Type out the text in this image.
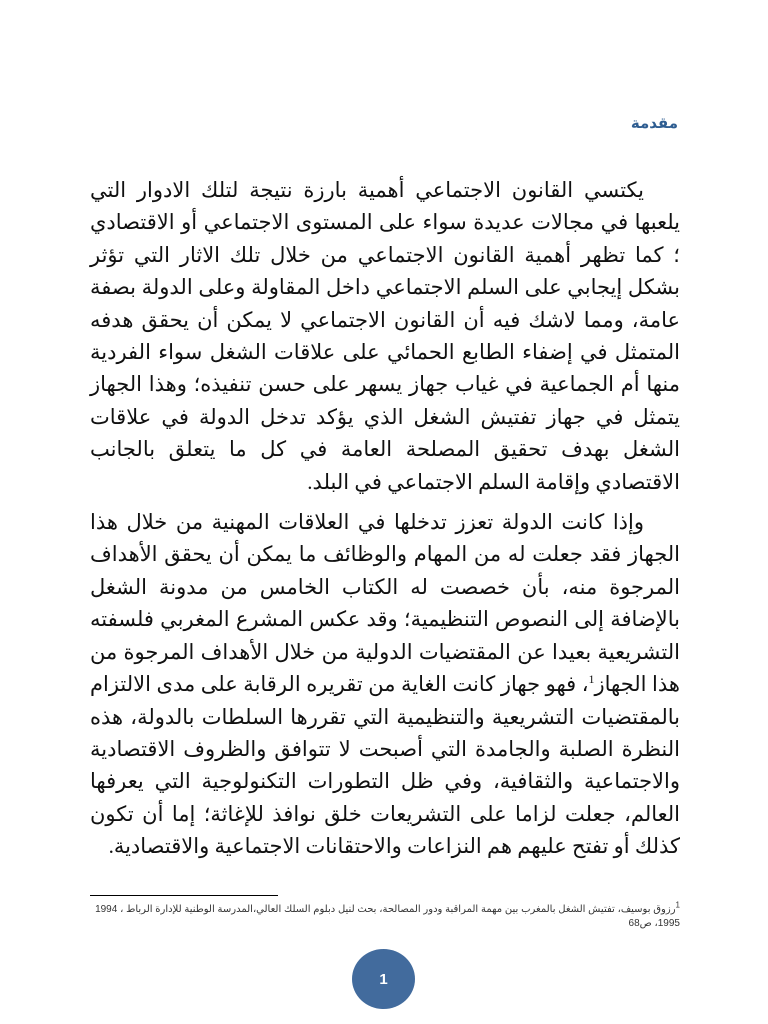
مقدمة

يكتسي القانون الاجتماعي أهمية بارزة نتيجة لتلك الادوار التي يلعبها في مجالات عديدة سواء على المستوى الاجتماعي أو الاقتصادي ؛ كما تظهر أهمية القانون الاجتماعي من خلال تلك الاثار التي تؤثر بشكل إيجابي على السلم الاجتماعي داخل المقاولة وعلى الدولة بصفة عامة، ومما لاشك فيه أن القانون الاجتماعي لا يمكن أن يحقق هدفه المتمثل في إضفاء الطابع الحمائي على علاقات الشغل سواء الفردية منها أم الجماعية في غياب جهاز يسهر على حسن تنفيذه؛ وهذا الجهاز يتمثل في جهاز تفتيش الشغل الذي يؤكد تدخل الدولة في علاقات الشغل بهدف تحقيق المصلحة العامة في كل ما يتعلق بالجانب الاقتصادي وإقامة السلم الاجتماعي في البلد.

وإذا كانت الدولة تعزز تدخلها في العلاقات المهنية من خلال هذا الجهاز فقد جعلت له من المهام والوظائف ما يمكن أن يحقق الأهداف المرجوة منه، بأن خصصت له الكتاب الخامس من مدونة الشغل بالإضافة إلى النصوص التنظيمية؛ وقد عكس المشرع المغربي فلسفته التشريعية بعيدا عن المقتضيات الدولية من خلال الأهداف المرجوة من هذا الجهاز$^1$، فهو جهاز كانت الغاية من تقريره الرقابة على مدى الالتزام بالمقتضيات التشريعية والتنظيمية التي تقررها السلطات بالدولة، هذه النظرة الصلبة والجامدة التي أصبحت لا تتوافق والظروف الاقتصادية والاجتماعية والثقافية، وفي ظل التطورات التكنولوجية التي يعرفها العالم، جعلت لزاما على التشريعات خلق نوافذ للإغاثة؛ إما أن تكون كذلك أو تفتح عليهم هم النزاعات والاحتقانات الاجتماعية والاقتصادية.

$^1$رزوق بوسيف، تفتيش الشغل بالمغرب بين مهمة المراقبة ودور المصالحة، بحث لنيل دبلوم السلك العالي،المدرسة الوطنية للإدارة الرباط ، 1994 1995، ص68
1
